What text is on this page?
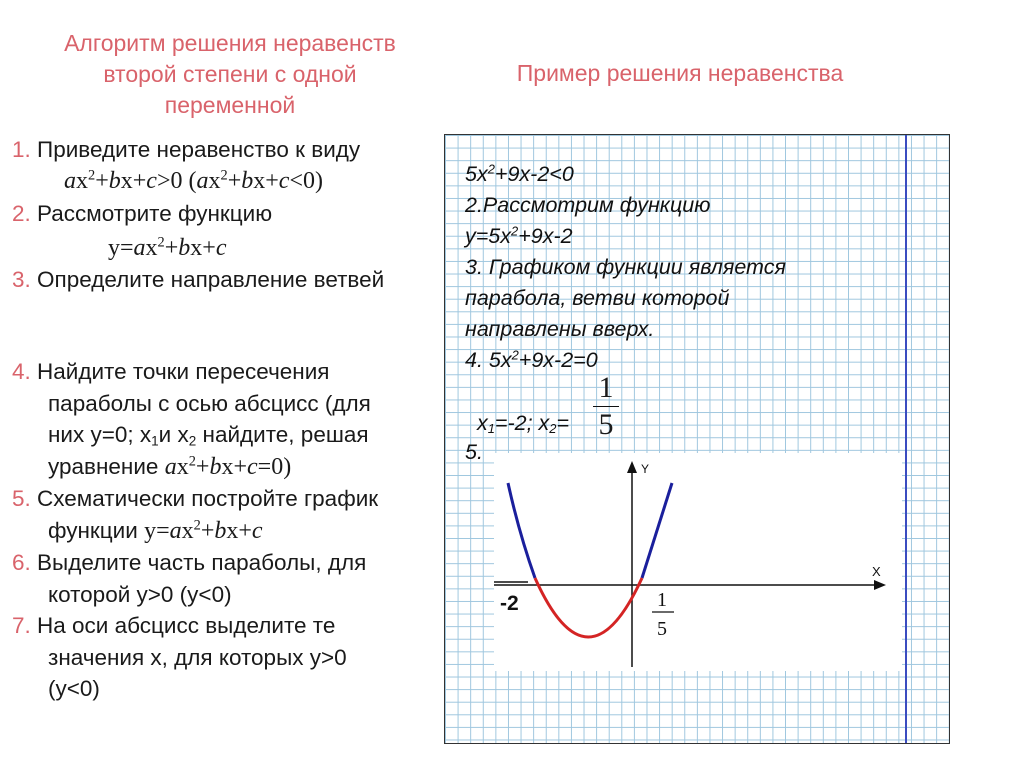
Алгоритм решения неравенств
второй степени с одной
переменной
Пример решения неравенства
1. Приведите неравенство к виду
$ax^2+bx+c>0$ $(ax^2+bx+c<0)$
2. Рассмотрите функцию
$y=ax^2+bx+c$
3. Определите направление ветвей
4. Найдите точки пересечения
параболы с осью абсцисс (для
них y=0; $x_1и$ $x_2$ найдите, решая
уравнение $ax^2+bx+c=0$)
5. Схематически постройте график
функции $y=ax^2+bx+c$
6. Выделите часть параболы, для
которой y>0 (y<0)
7. На оси абсцисс выделите те
значения x, для которых y>0
(y<0)
$5x^2+9x-2<0$
2.Рассмотрим функцию
$y=5x^2+9x-2$
3. Графиком функции является
парабола, ветви которой
направлены вверх.
4. $5x^2+9x-2=0$
$x_1=-2$; $x_2=$
1
5
5.
Y
X
-2	1
5
